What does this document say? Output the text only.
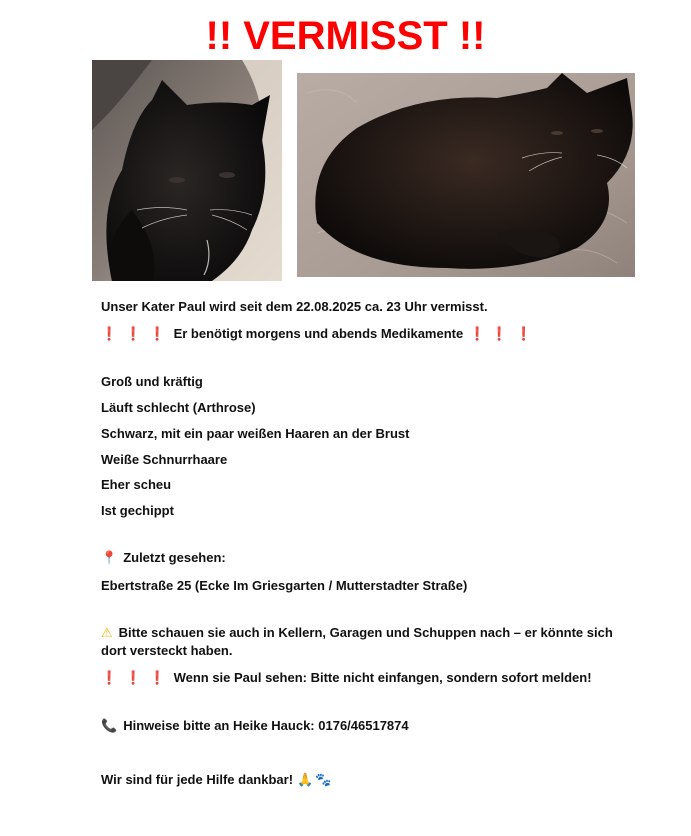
!! VERMISST !!
Unser Kater Paul wird seit dem 22.08.2025 ca. 23 Uhr vermisst.
❗ ❗ ❗ Er benötigt morgens und abends Medikamente ❗ ❗ ❗
Groß und kräftig
Läuft schlecht (Arthrose)
Schwarz, mit ein paar weißen Haaren an der Brust
Weiße Schnurrhaare
Eher scheu
Ist gechippt
📍 Zuletzt gesehen:
Ebertstraße 25 (Ecke Im Griesgarten / Mutterstadter Straße)
⚠ Bitte schauen sie auch in Kellern, Garagen und Schuppen nach – er könnte sich dort versteckt haben.
❗ ❗ ❗ Wenn sie Paul sehen: Bitte nicht einfangen, sondern sofort melden!
📞 Hinweise bitte an Heike Hauck: 0176/46517874
Wir sind für jede Hilfe dankbar! 🙏 🐾
